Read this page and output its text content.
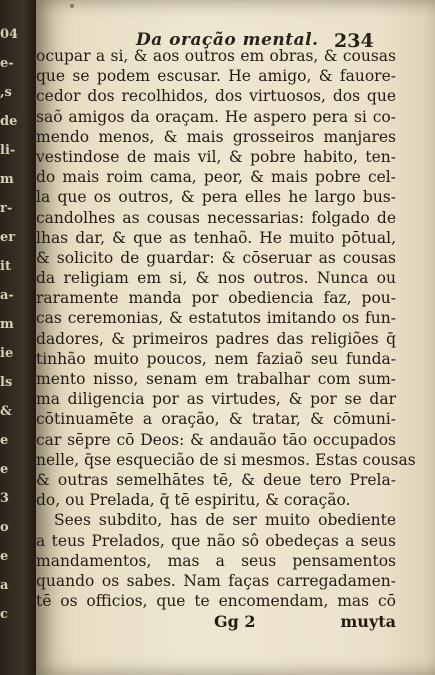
04
e-
,s
de
li-
m
r-
er
it
a-
m
ie
ls
&
e
e
3
o
e
a
c
Da oração mental. 234
ocupar a si, & aos outros em obras, & cousas
que se podem escusar. He amigo, & fauore-
cedor dos recolhidos, dos virtuosos, dos que
saõ amigos da oraçam. He aspero pera si co-
mendo menos, & mais grosseiros manjares
vestindose de mais vil, & pobre habito, ten-
do mais roim cama, peor, & mais pobre cel-
la que os outros, & pera elles he largo bus-
candolhes as cousas necessarias: folgado de
lhas dar, & que as tenhaõ. He muito pōtual,
& solicito de guardar: & cōseruar as cousas
da religiam em si, & nos outros. Nunca ou
raramente manda por obediencia faz, pou-
cas ceremonias, & estatutos imitando os fun-
dadores, & primeiros padres das religiões q̄
tinhão muito poucos, nem faziaõ seu funda-
mento nisso, senam em trabalhar com sum-
ma diligencia por as virtudes, & por se dar
cōtinuamēte a oração, & tratar, & cōmuni-
car sēpre cō Deos: & andauão tāo occupados
nelle, q̄se esquecião de si mesmos. Estas cousas
& outras semelhātes tē, & deue tero Prela-
do, ou Prelada, q̄ tē espiritu, & coração.
Sees subdito, has de ser muito obediente
a teus Prelados, que não sô obedeças a seus
mandamentos, mas a seus pensamentos
quando os sabes. Nam faças carregadamen-
tē os officios, que te encomendam, mas cō
Gg 2	muyta
